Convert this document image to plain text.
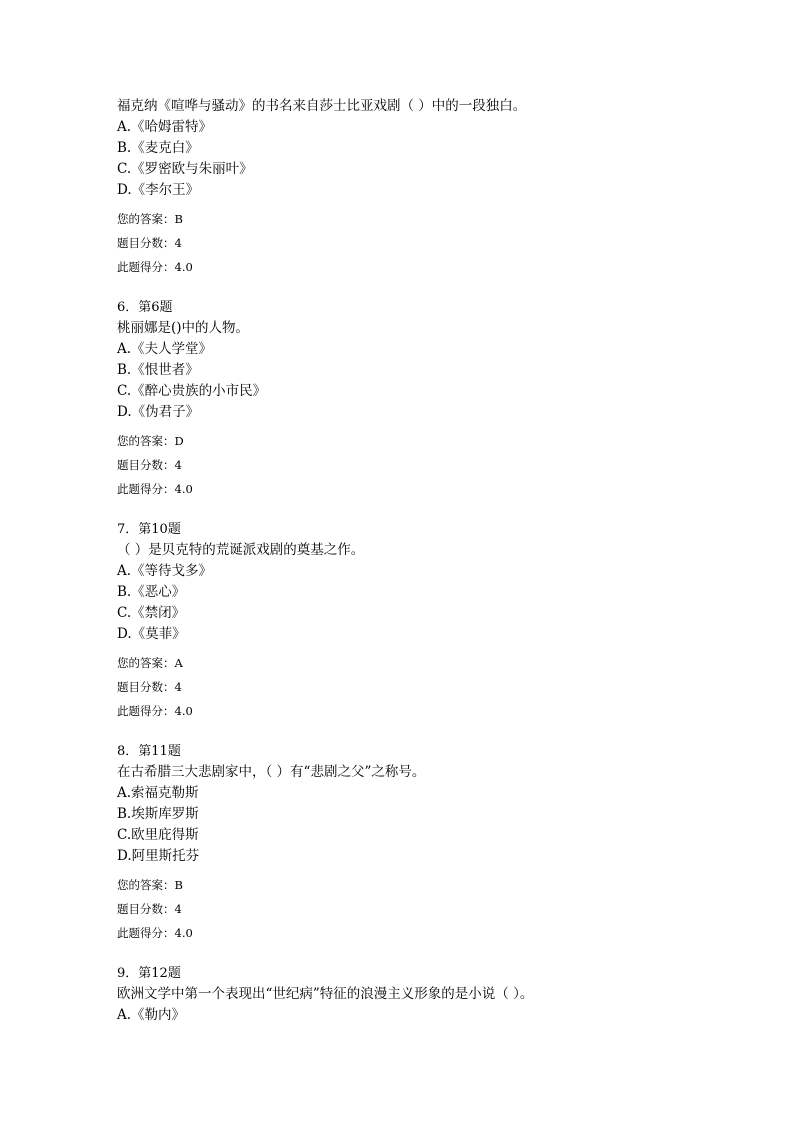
福克纳《喧哗与骚动》的书名来自莎士比亚戏剧（ ）中的一段独白。
A.《哈姆雷特》
B.《麦克白》
C.《罗密欧与朱丽叶》
D.《李尔王》
您的答案：B
题目分数：4
此题得分：4.0
6．第6题
桃丽娜是()中的人物。
A.《夫人学堂》
B.《恨世者》
C.《醉心贵族的小市民》
D.《伪君子》
您的答案：D
题目分数：4
此题得分：4.0
7．第10题
（ ）是贝克特的荒诞派戏剧的奠基之作。
A.《等待戈多》
B.《恶心》
C.《禁闭》
D.《莫菲》
您的答案：A
题目分数：4
此题得分：4.0
8．第11题
在古希腊三大悲剧家中，（ ）有“悲剧之父”之称号。
A.索福克勒斯
B.埃斯库罗斯
C.欧里庇得斯
D.阿里斯托芬
您的答案：B
题目分数：4
此题得分：4.0
9．第12题
欧洲文学中第一个表现出“世纪病”特征的浪漫主义形象的是小说（ ）。
A.《勒内》
